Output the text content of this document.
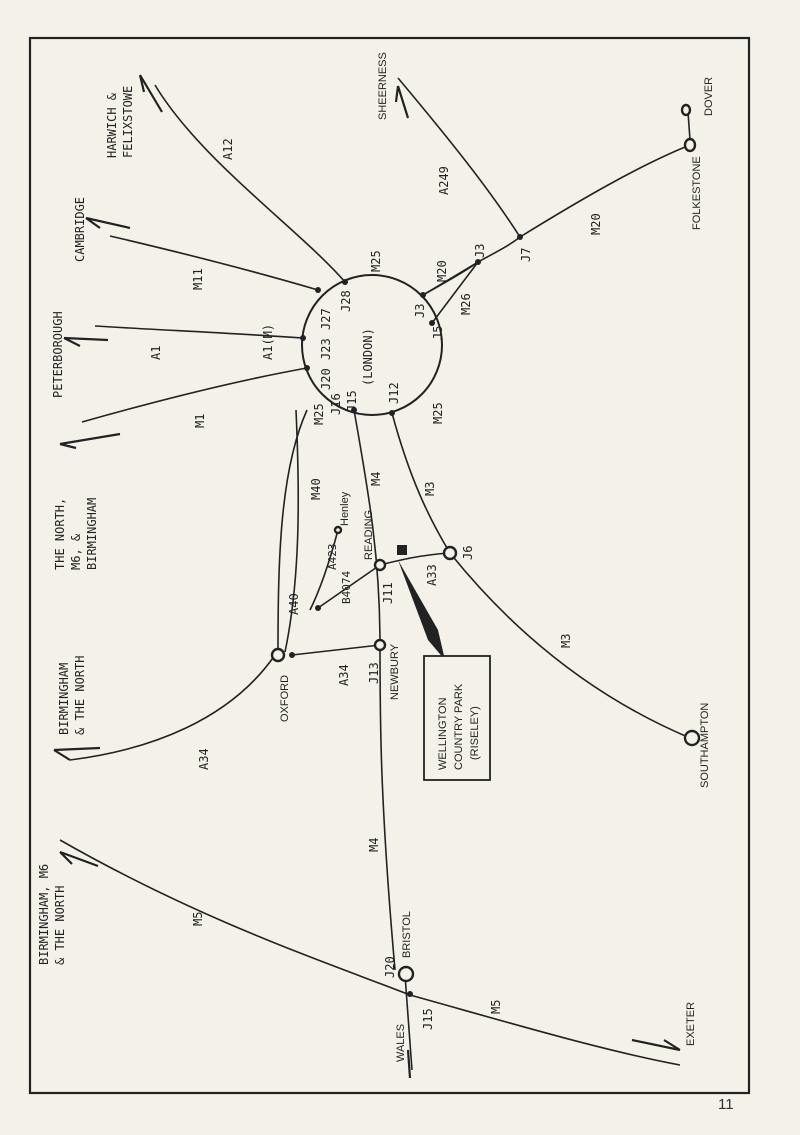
J15
(LONDON)
J27
J28
M25
J23
A1(M)
J20
J16
J12
M25	M25
A12
M11
A1
M1
A249
M20
M20
M26
J3
J3
J5
J7
M40	M4
M3
A40
A423
B4074	A33
A34
A34
M3
M4
M5
M5
J11
J13
J6
J20
J15
HARWICH & FELIXSTOWE	SHEERNESS	DOVER
FOLKESTONE
CAMBRIDGE
PETERBOROUGH
THE NORTH, M6, & BIRMINGHAM
BIRMINGHAM & THE NORTH
BIRMINGHAM, M6 & THE NORTH
WALES	EXETER
OXFORD	NEWBURY
READING
Henley
SOUTHAMPTON
BRISTOL
WELLINGTON COUNTRY PARK (RISELEY)
11
